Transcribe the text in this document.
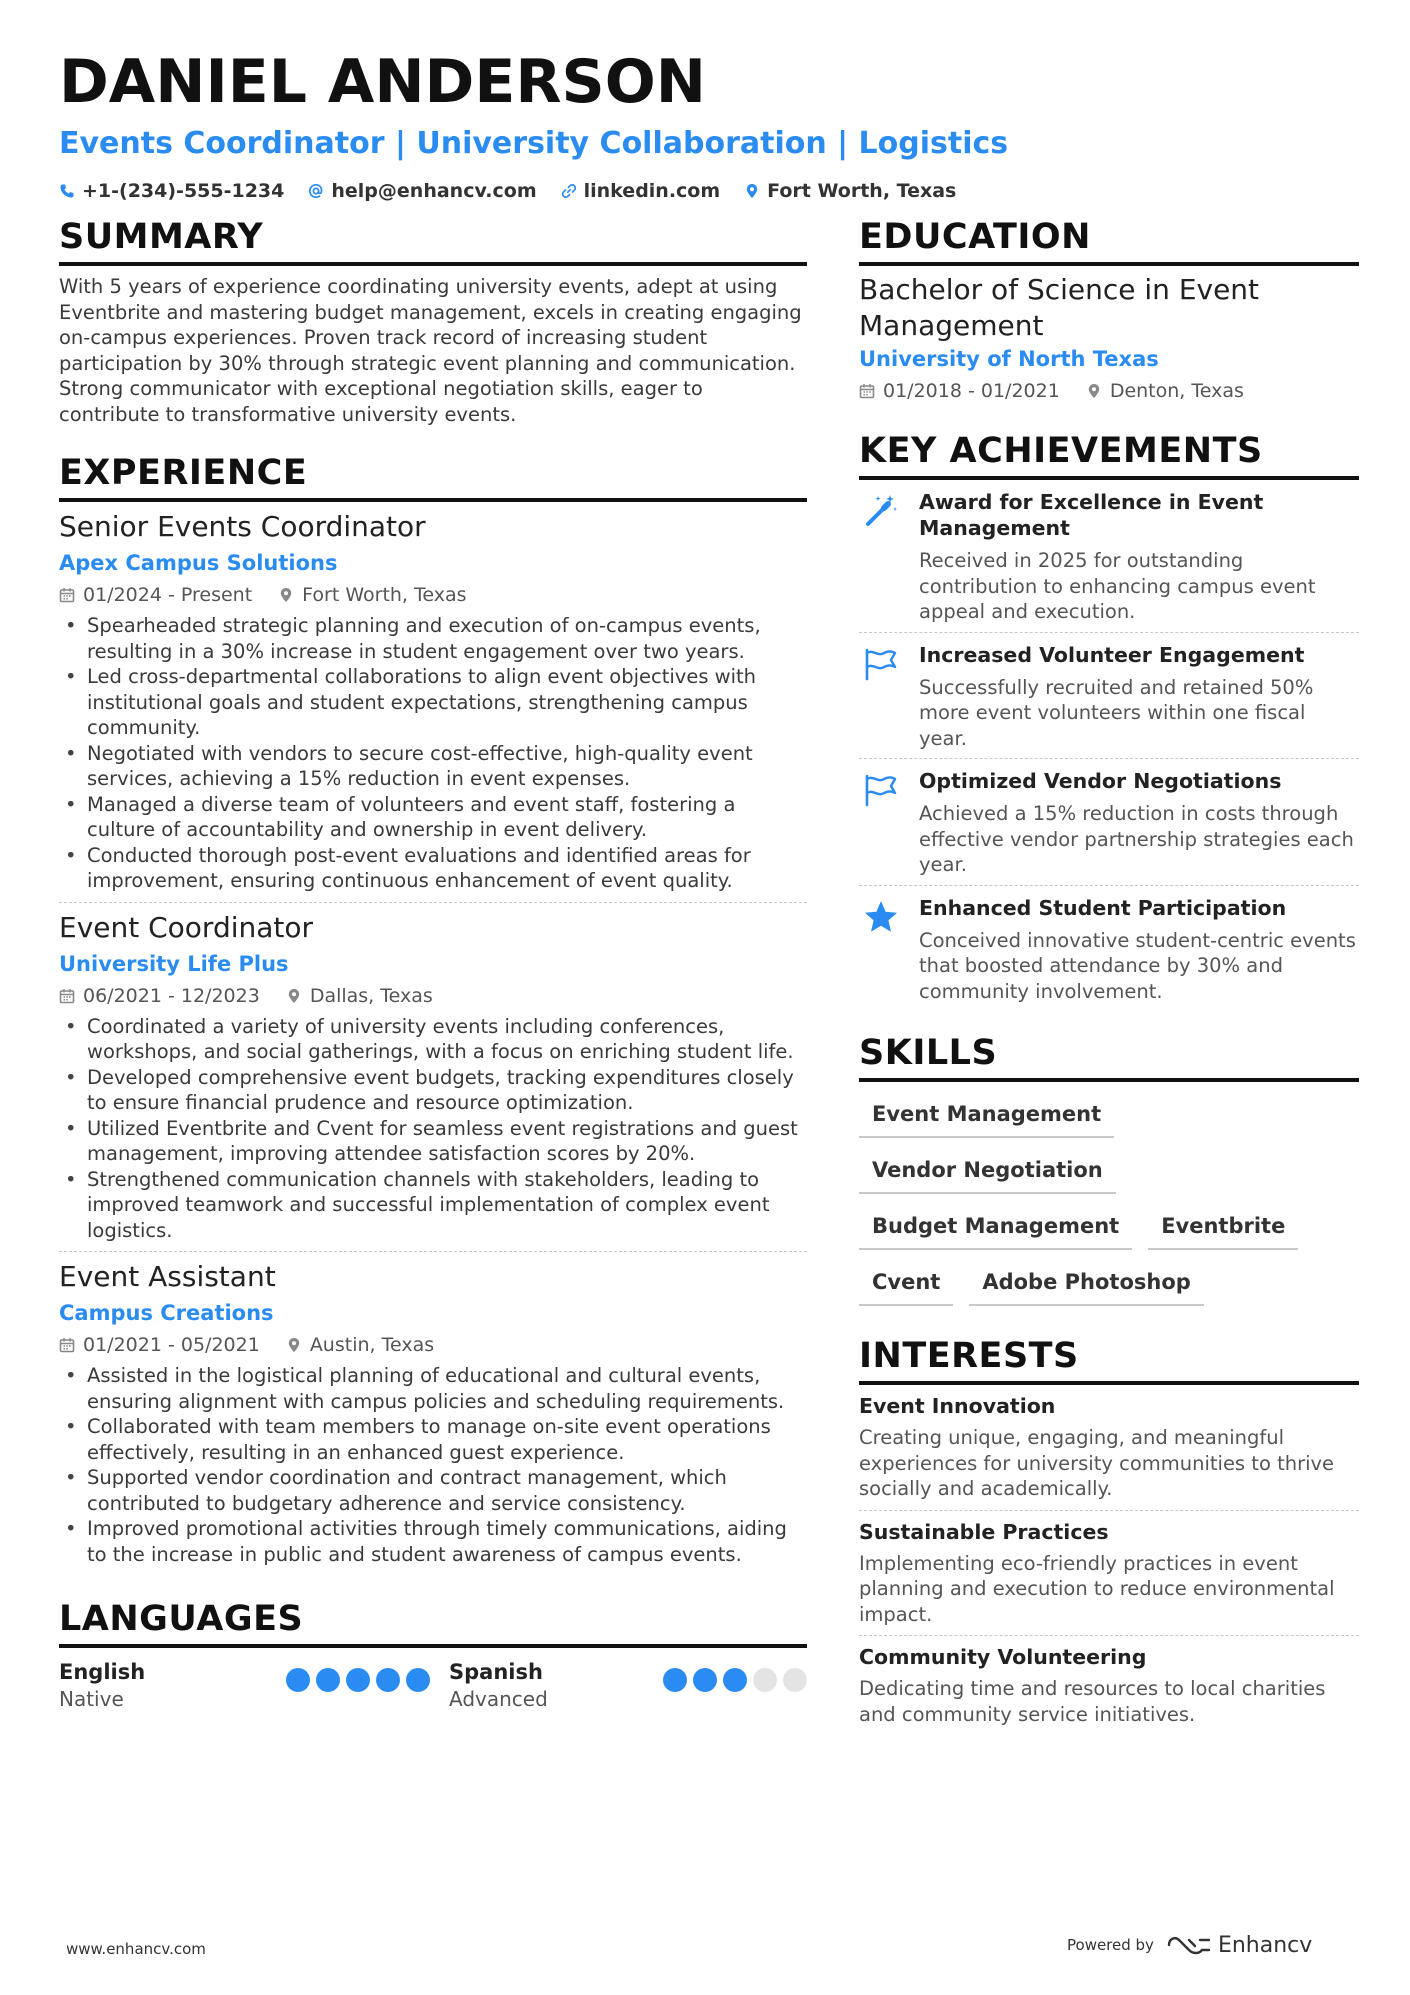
DANIEL ANDERSON
Events Coordinator | University Collaboration | Logistics
+1-(234)-555-1234 help@enhancv.com linkedin.com Fort Worth, Texas
SUMMARY
With 5 years of experience coordinating university events, adept at using Eventbrite and mastering budget management, excels in creating engaging on-campus experiences. Proven track record of increasing student participation by 30% through strategic event planning and communication. Strong communicator with exceptional negotiation skills, eager to contribute to transformative university events.
EXPERIENCE
Senior Events Coordinator
Apex Campus Solutions
01/2024 - Present	Fort Worth, Texas
• Spearheaded strategic planning and execution of on-campus events, resulting in a 30% increase in student engagement over two years.
• Led cross-departmental collaborations to align event objectives with institutional goals and student expectations, strengthening campus community.
• Negotiated with vendors to secure cost-effective, high-quality event services, achieving a 15% reduction in event expenses.
• Managed a diverse team of volunteers and event staff, fostering a culture of accountability and ownership in event delivery.
• Conducted thorough post-event evaluations and identified areas for improvement, ensuring continuous enhancement of event quality.
Event Coordinator
University Life Plus
06/2021 - 12/2023	Dallas, Texas
• Coordinated a variety of university events including conferences, workshops, and social gatherings, with a focus on enriching student life.
• Developed comprehensive event budgets, tracking expenditures closely to ensure financial prudence and resource optimization.
• Utilized Eventbrite and Cvent for seamless event registrations and guest management, improving attendee satisfaction scores by 20%.
• Strengthened communication channels with stakeholders, leading to improved teamwork and successful implementation of complex event logistics.
Event Assistant
Campus Creations
01/2021 - 05/2021	Austin, Texas
• Assisted in the logistical planning of educational and cultural events, ensuring alignment with campus policies and scheduling requirements.
• Collaborated with team members to manage on-site event operations effectively, resulting in an enhanced guest experience.
• Supported vendor coordination and contract management, which contributed to budgetary adherence and service consistency.
• Improved promotional activities through timely communications, aiding to the increase in public and student awareness of campus events.
LANGUAGES
English
Native
Spanish
Advanced
EDUCATION
Bachelor of Science in Event Management
University of North Texas
01/2018 - 01/2021	Denton, Texas
KEY ACHIEVEMENTS
Award for Excellence in Event Management
Received in 2025 for outstanding contribution to enhancing campus event appeal and execution.
Increased Volunteer Engagement
Successfully recruited and retained 50% more event volunteers within one fiscal year.
Optimized Vendor Negotiations
Achieved a 15% reduction in costs through effective vendor partnership strategies each year.
Enhanced Student Participation
Conceived innovative student-centric events that boosted attendance by 30% and community involvement.
SKILLS
Event Management
Vendor Negotiation
Budget Management	Eventbrite
Cvent	Adobe Photoshop
INTERESTS
Event Innovation
Creating unique, engaging, and meaningful experiences for university communities to thrive socially and academically.
Sustainable Practices
Implementing eco-friendly practices in event planning and execution to reduce environmental impact.
Community Volunteering
Dedicating time and resources to local charities and community service initiatives.
www.enhancv.com	Powered by	Enhancv
